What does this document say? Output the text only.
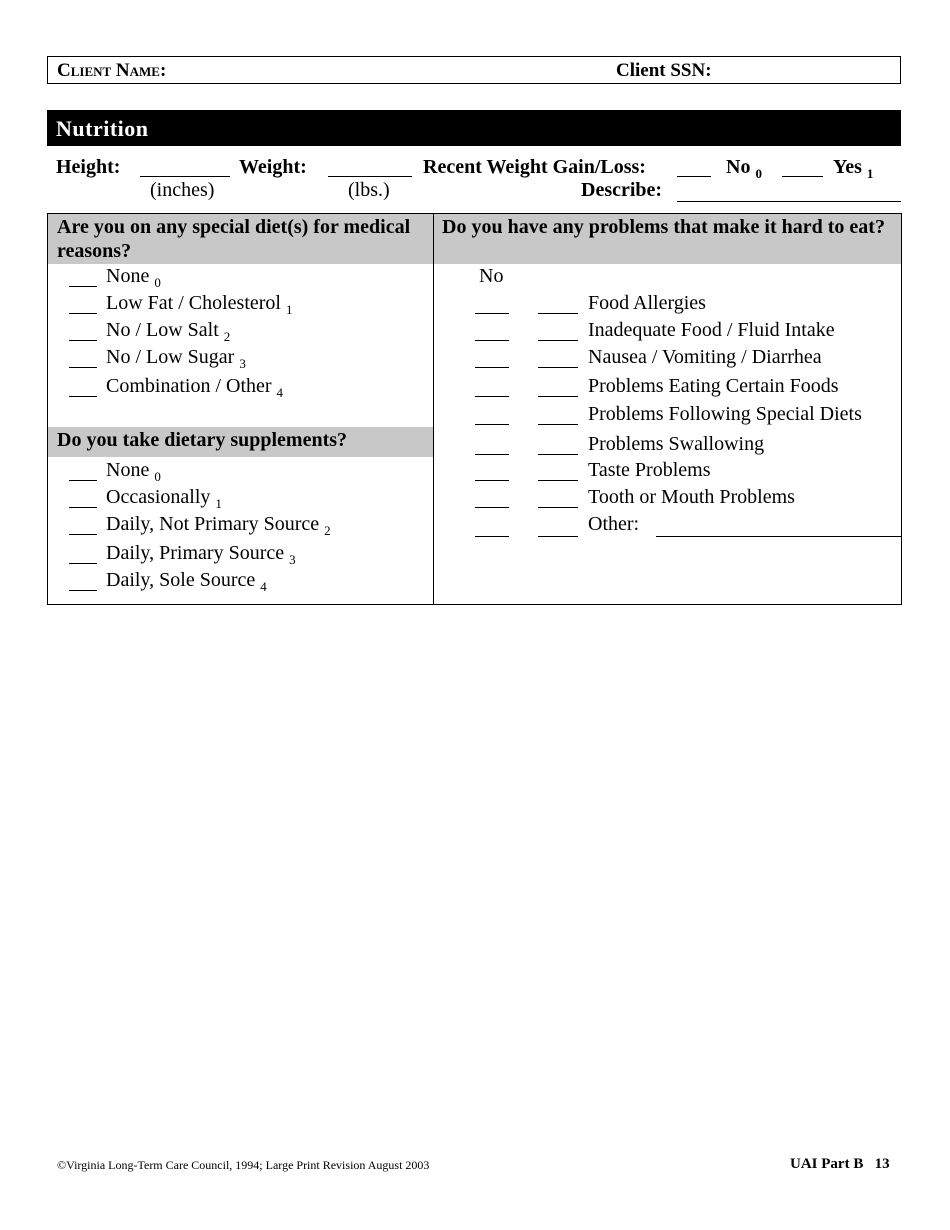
Client Name:	Client SSN:
Nutrition
Height:
(inches)
Weight:
(lbs.)
Recent Weight Gain/Loss:	No $_0$	Yes $_1$
Describe:
Are you on any special diet(s) for medical reasons?
None $_0$
Low Fat / Cholesterol $_1$
No / Low Salt $_2$
No / Low Sugar $_3$
Combination / Other $_4$
Do you take dietary supplements?
None $_0$
Occasionally $_1$
Daily, Not Primary Source $_2$
Daily, Primary Source $_3$
Daily, Sole Source $_4$
Do you have any problems that make it hard to eat?
No
Food Allergies
Inadequate Food / Fluid Intake
Nausea / Vomiting / Diarrhea
Problems Eating Certain Foods
Problems Following Special Diets
Problems Swallowing
Taste Problems
Tooth or Mouth Problems
Other:
©Virginia Long-Term Care Council, 1994; Large Print Revision August 2003	UAI Part B   13
